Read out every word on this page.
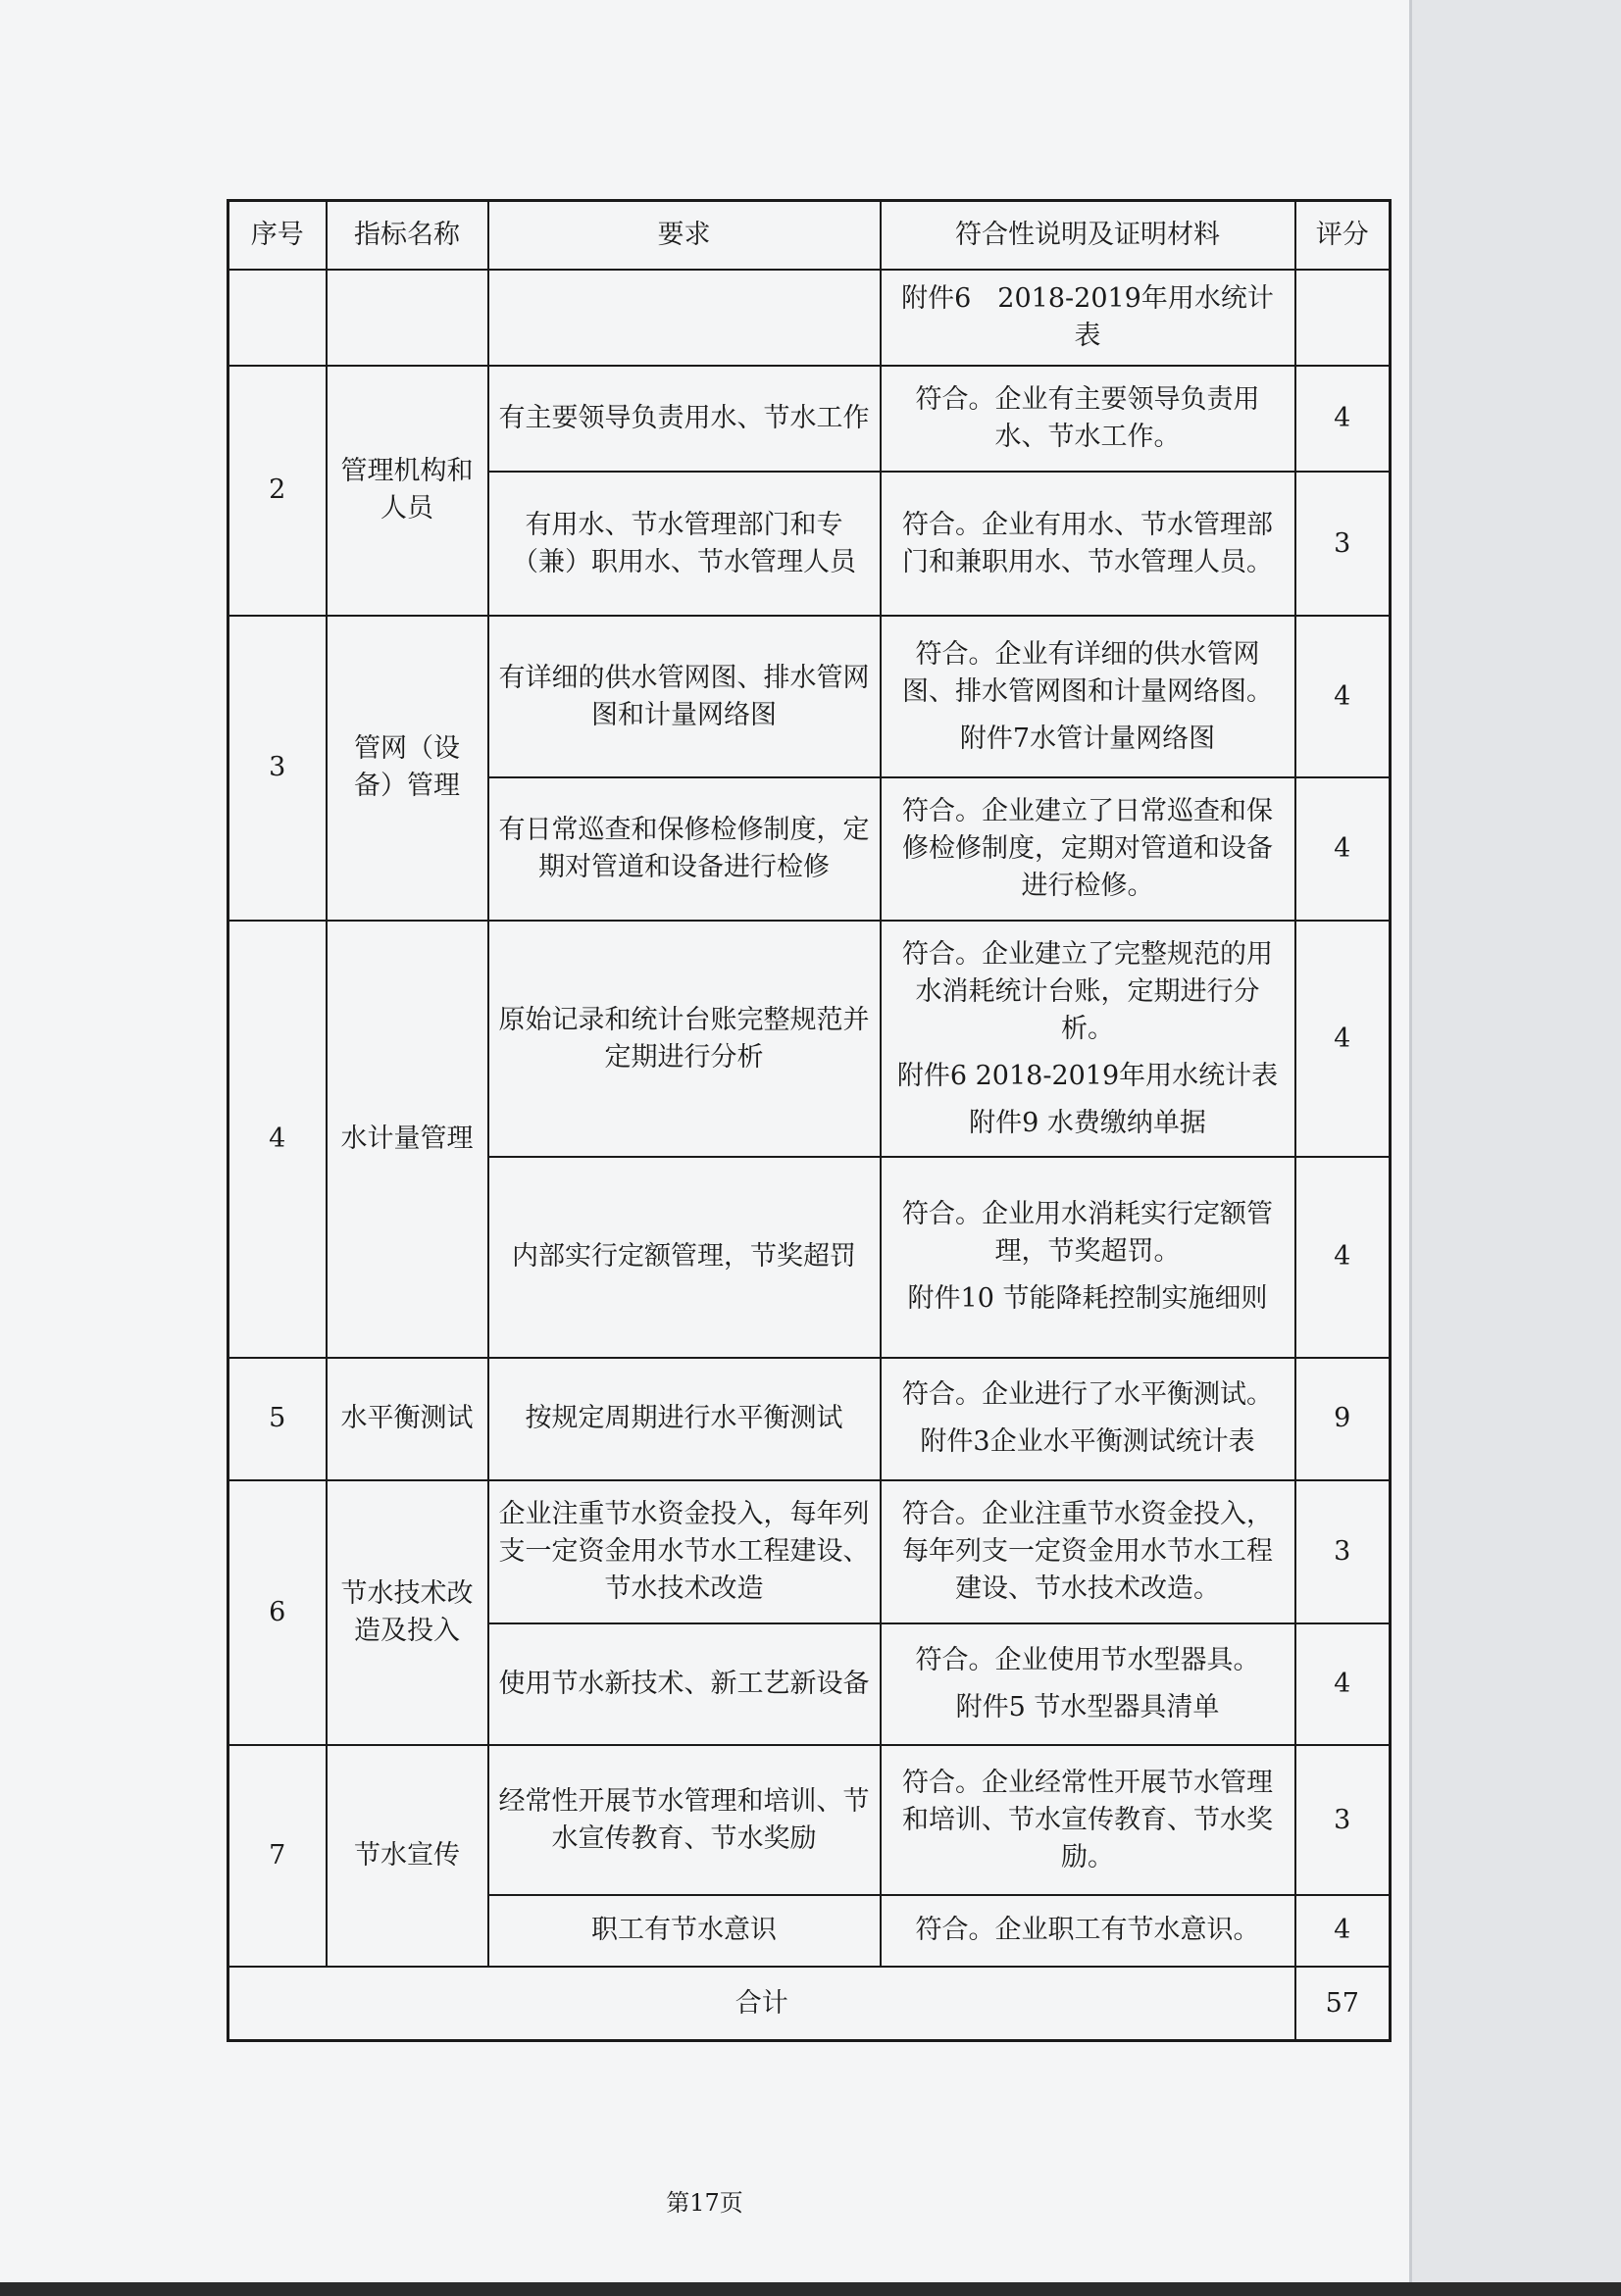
序号	指标名称	要求	符合性说明及证明材料	评分

			附件6　2018-2019年用水统计表	

2	管理机构和人员	有主要领导负责用水、节水工作	符合。企业有主要领导负责用水、节水工作。	4
		有用水、节水管理部门和专（兼）职用水、节水管理人员	符合。企业有用水、节水管理部门和兼职用水、节水管理人员。	3
3	管网（设备）管理	有详细的供水管网图、排水管网图和计量网络图	符合。企业有详细的供水管网图、排水管网图和计量网络图。

附件7水管计量网络图	4
		有日常巡查和保修检修制度，定期对管道和设备进行检修	符合。企业建立了日常巡查和保修检修制度，定期对管道和设备进行检修。	4
4	水计量管理	原始记录和统计台账完整规范并定期进行分析	符合。企业建立了完整规范的用水消耗统计台账，定期进行分析。

附件6 2018-2019年用水统计表

附件9 水费缴纳单据	4
		内部实行定额管理，节奖超罚	符合。企业用水消耗实行定额管理，节奖超罚。

附件10 节能降耗控制实施细则	4
5	水平衡测试	按规定周期进行水平衡测试	符合。企业进行了水平衡测试。

附件3企业水平衡测试统计表	9
6	节水技术改造及投入	企业注重节水资金投入，每年列支一定资金用水节水工程建设、节水技术改造	符合。企业注重节水资金投入，每年列支一定资金用水节水工程建设、节水技术改造。	3
		使用节水新技术、新工艺新设备	符合。企业使用节水型器具。

附件5 节水型器具清单	4
7	节水宣传	经常性开展节水管理和培训、节水宣传教育、节水奖励	符合。企业经常性开展节水管理和培训、节水宣传教育、节水奖励。	3
		职工有节水意识	符合。企业职工有节水意识。	4
合计				57
第17页
